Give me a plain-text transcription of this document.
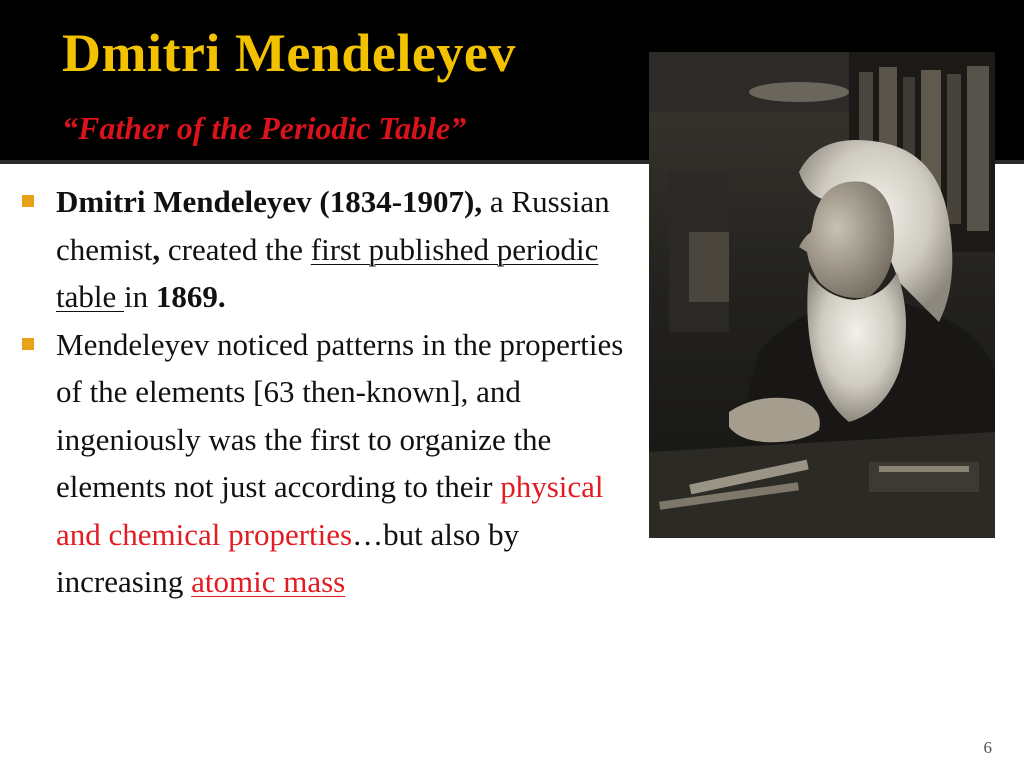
Dmitri Mendeleyev
“Father of the Periodic Table”
Dmitri Mendeleyev (1834-1907), a Russian chemist, created the first published periodic table in 1869.
Mendeleyev noticed patterns in the properties of the elements [63 then-known], and ingeniously was the first to organize the elements not just according to their physical and chemical properties…but also by increasing atomic mass
6
